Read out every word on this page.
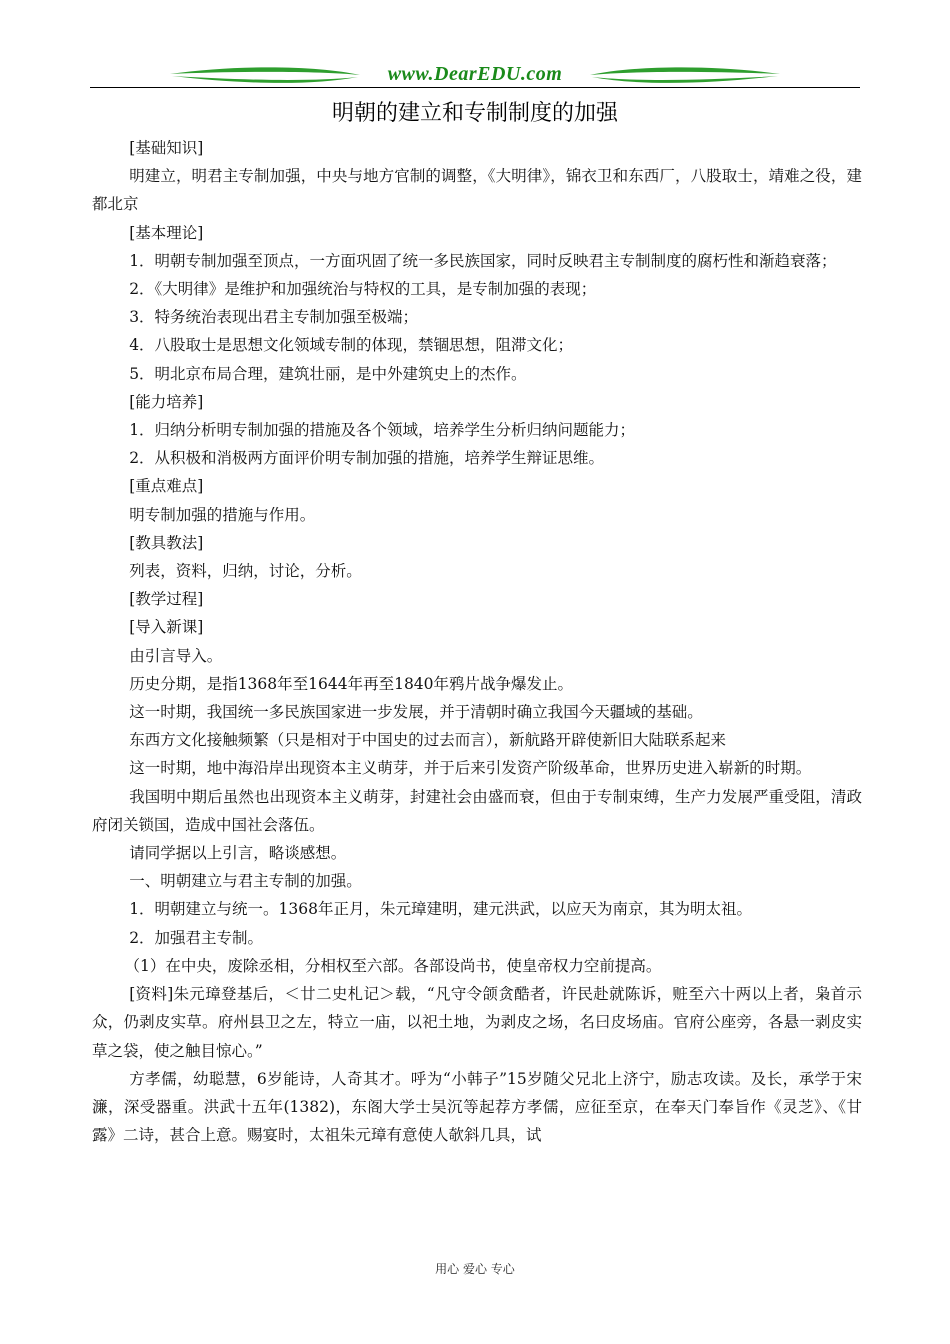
www.DearEDU.com
明朝的建立和专制制度的加强

[基础知识]

明建立，明君主专制加强，中央与地方官制的调整，《大明律》，锦衣卫和东西厂，八股取士，靖难之役，建都北京

[基本理论]

1．明朝专制加强至顶点，一方面巩固了统一多民族国家，同时反映君主专制制度的腐朽性和渐趋衰落；

2．《大明律》是维护和加强统治与特权的工具，是专制加强的表现；

3．特务统治表现出君主专制加强至极端；

4．八股取士是思想文化领域专制的体现，禁锢思想，阻滞文化；

5．明北京布局合理，建筑壮丽，是中外建筑史上的杰作。

[能力培养]

1．归纳分析明专制加强的措施及各个领域，培养学生分析归纳问题能力；

2．从积极和消极两方面评价明专制加强的措施，培养学生辩证思维。

[重点难点]

明专制加强的措施与作用。

[教具教法]

列表，资料，归纳，讨论，分析。

[教学过程]

[导入新课]

由引言导入。

历史分期，是指1368年至1644年再至1840年鸦片战争爆发止。

这一时期，我国统一多民族国家进一步发展，并于清朝时确立我国今天疆域的基础。

东西方文化接触频繁（只是相对于中国史的过去而言），新航路开辟使新旧大陆联系起来

这一时期，地中海沿岸出现资本主义萌芽，并于后来引发资产阶级革命，世界历史进入崭新的时期。

我国明中期后虽然也出现资本主义萌芽，封建社会由盛而衰，但由于专制束缚，生产力发展严重受阻，清政府闭关锁国，造成中国社会落伍。

请同学据以上引言，略谈感想。

一、明朝建立与君主专制的加强。

1．明朝建立与统一。1368年正月，朱元璋建明，建元洪武，以应天为南京，其为明太祖。

2．加强君主专制。

（1）在中央，废除丞相，分相权至六部。各部设尚书，使皇帝权力空前提高。

[资料]朱元璋登基后，＜廿二史札记＞载，“凡守令颌贪酷者，许民赴就陈诉，赃至六十两以上者，枭首示众，仍剥皮实草。府州县卫之左，特立一庙，以祀土地，为剥皮之场，名曰皮场庙。官府公座旁，各悬一剥皮实草之袋，使之触目惊心。”

方孝儒，幼聪慧，6岁能诗，人奇其才。呼为“小韩子”15岁随父兄北上济宁，励志攻读。及长，承学于宋濂，深受器重。洪武十五年(1382)，东阁大学士吴沉等起荐方孝儒，应征至京，在奉天门奉旨作《灵芝》、《甘露》二诗，甚合上意。赐宴时，太祖朱元璋有意使人欹斜几具，试

用心 爱心 专心
